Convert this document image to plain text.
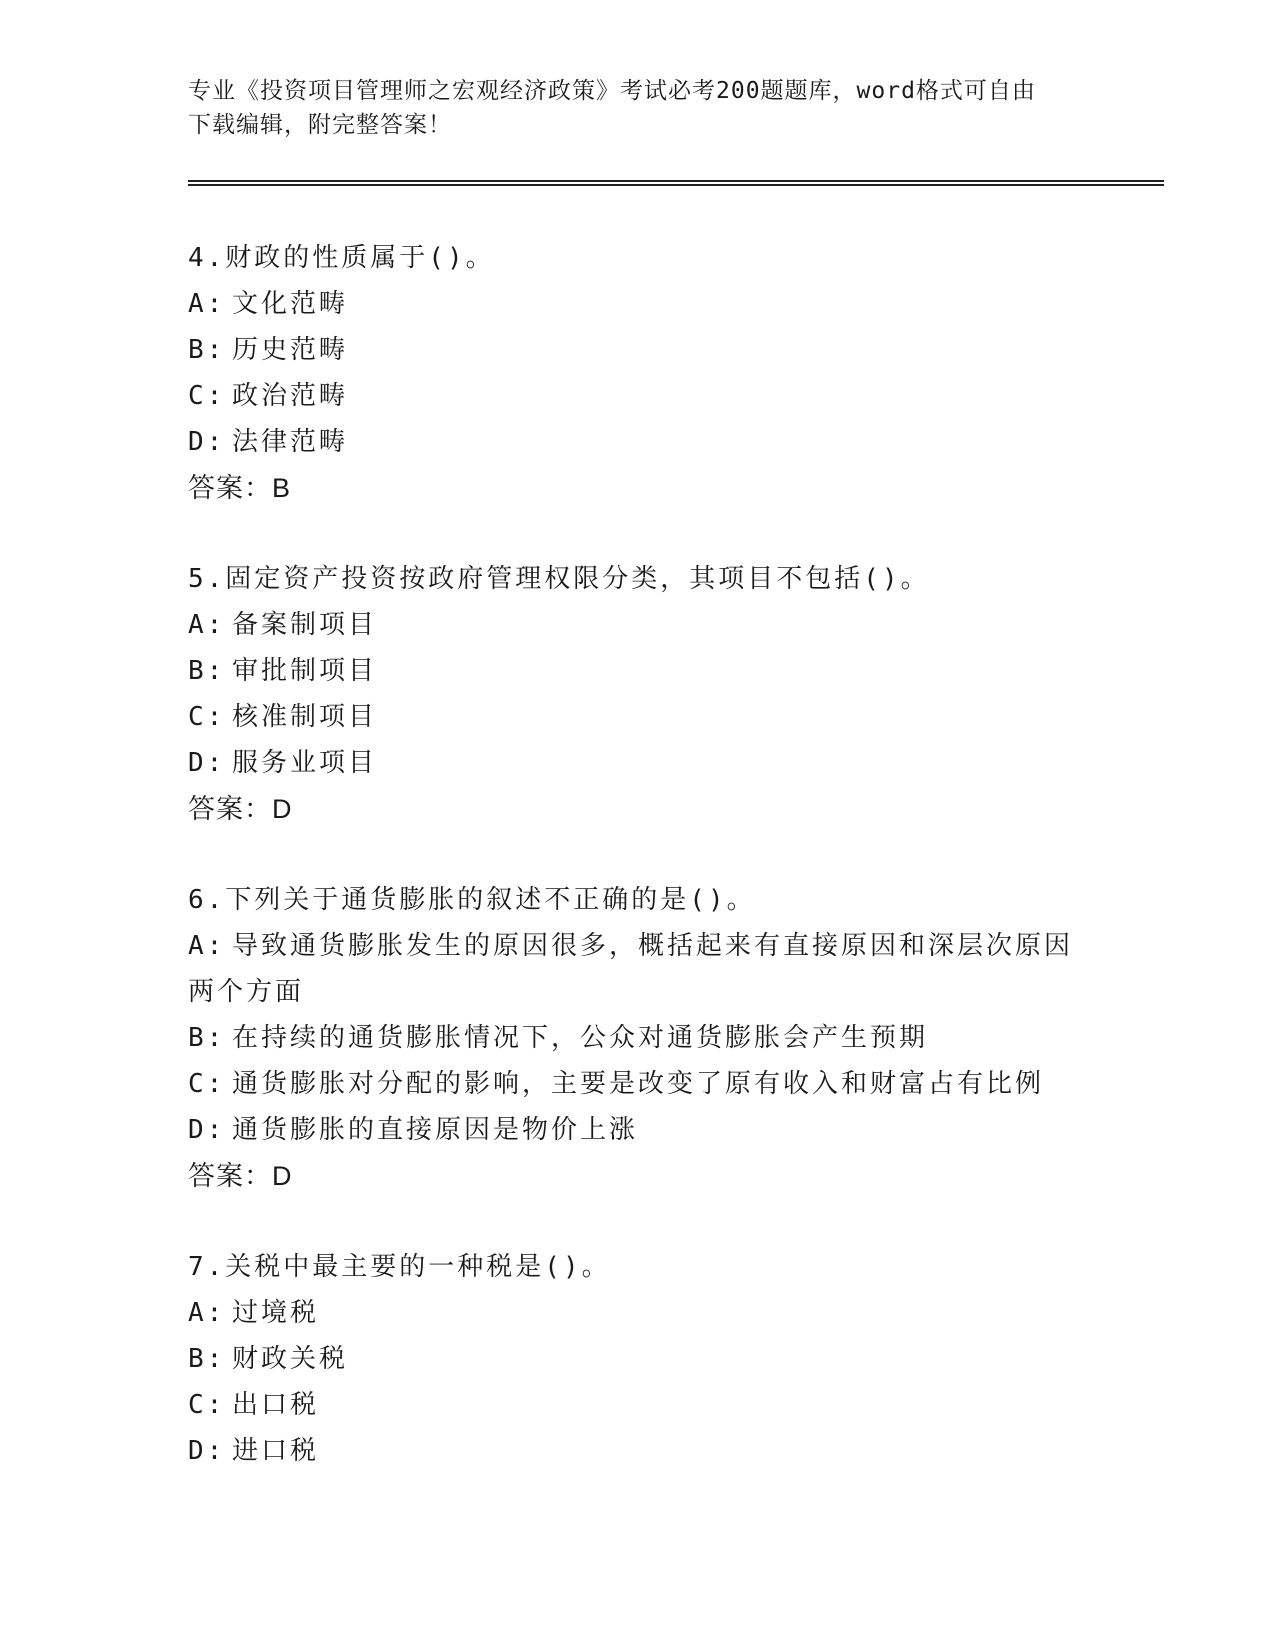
专业《投资项目管理师之宏观经济政策》考试必考200题题库，word格式可自由
下载编辑，附完整答案！
4.财政的性质属于()。
A: 文化范畴
B: 历史范畴
C: 政治范畴
D: 法律范畴
答案：B
5.固定资产投资按政府管理权限分类，其项目不包括()。
A: 备案制项目
B: 审批制项目
C: 核准制项目
D: 服务业项目
答案：D
6.下列关于通货膨胀的叙述不正确的是()。
A: 导致通货膨胀发生的原因很多，概括起来有直接原因和深层次原因
两个方面
B: 在持续的通货膨胀情况下，公众对通货膨胀会产生预期
C: 通货膨胀对分配的影响，主要是改变了原有收入和财富占有比例
D: 通货膨胀的直接原因是物价上涨
答案：D
7.关税中最主要的一种税是()。
A: 过境税
B: 财政关税
C: 出口税
D: 进口税
